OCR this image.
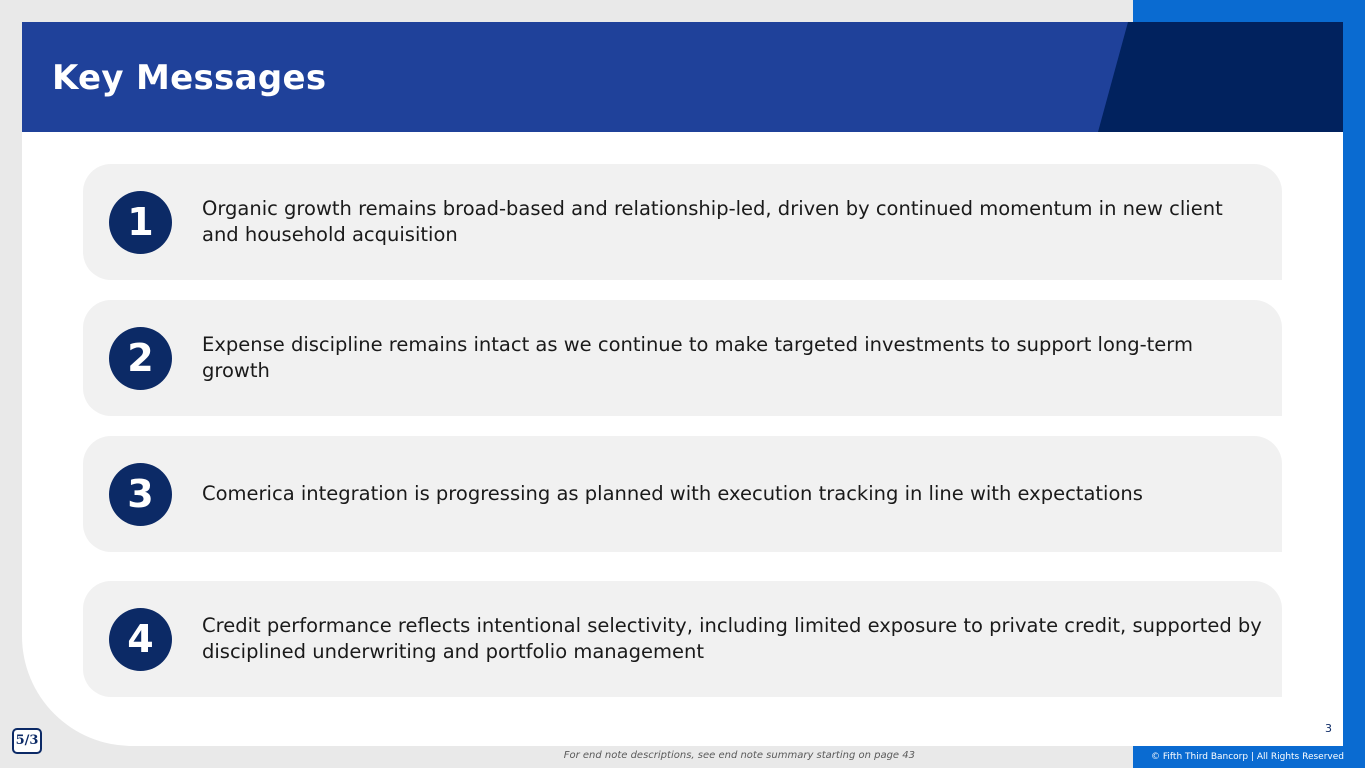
Key Messages
1	Organic growth remains broad-based and relationship-led, driven by continued momentum in new client and household acquisition
2	Expense discipline remains intact as we continue to make targeted investments to support long-term growth
3	Comerica integration is progressing as planned with execution tracking in line with expectations
4	Credit performance reflects intentional selectivity, including limited exposure to private credit, supported by disciplined underwriting and portfolio management
3
5/3
For end note descriptions, see end note summary starting on page 43	© Fifth Third Bancorp | All Rights Reserved
